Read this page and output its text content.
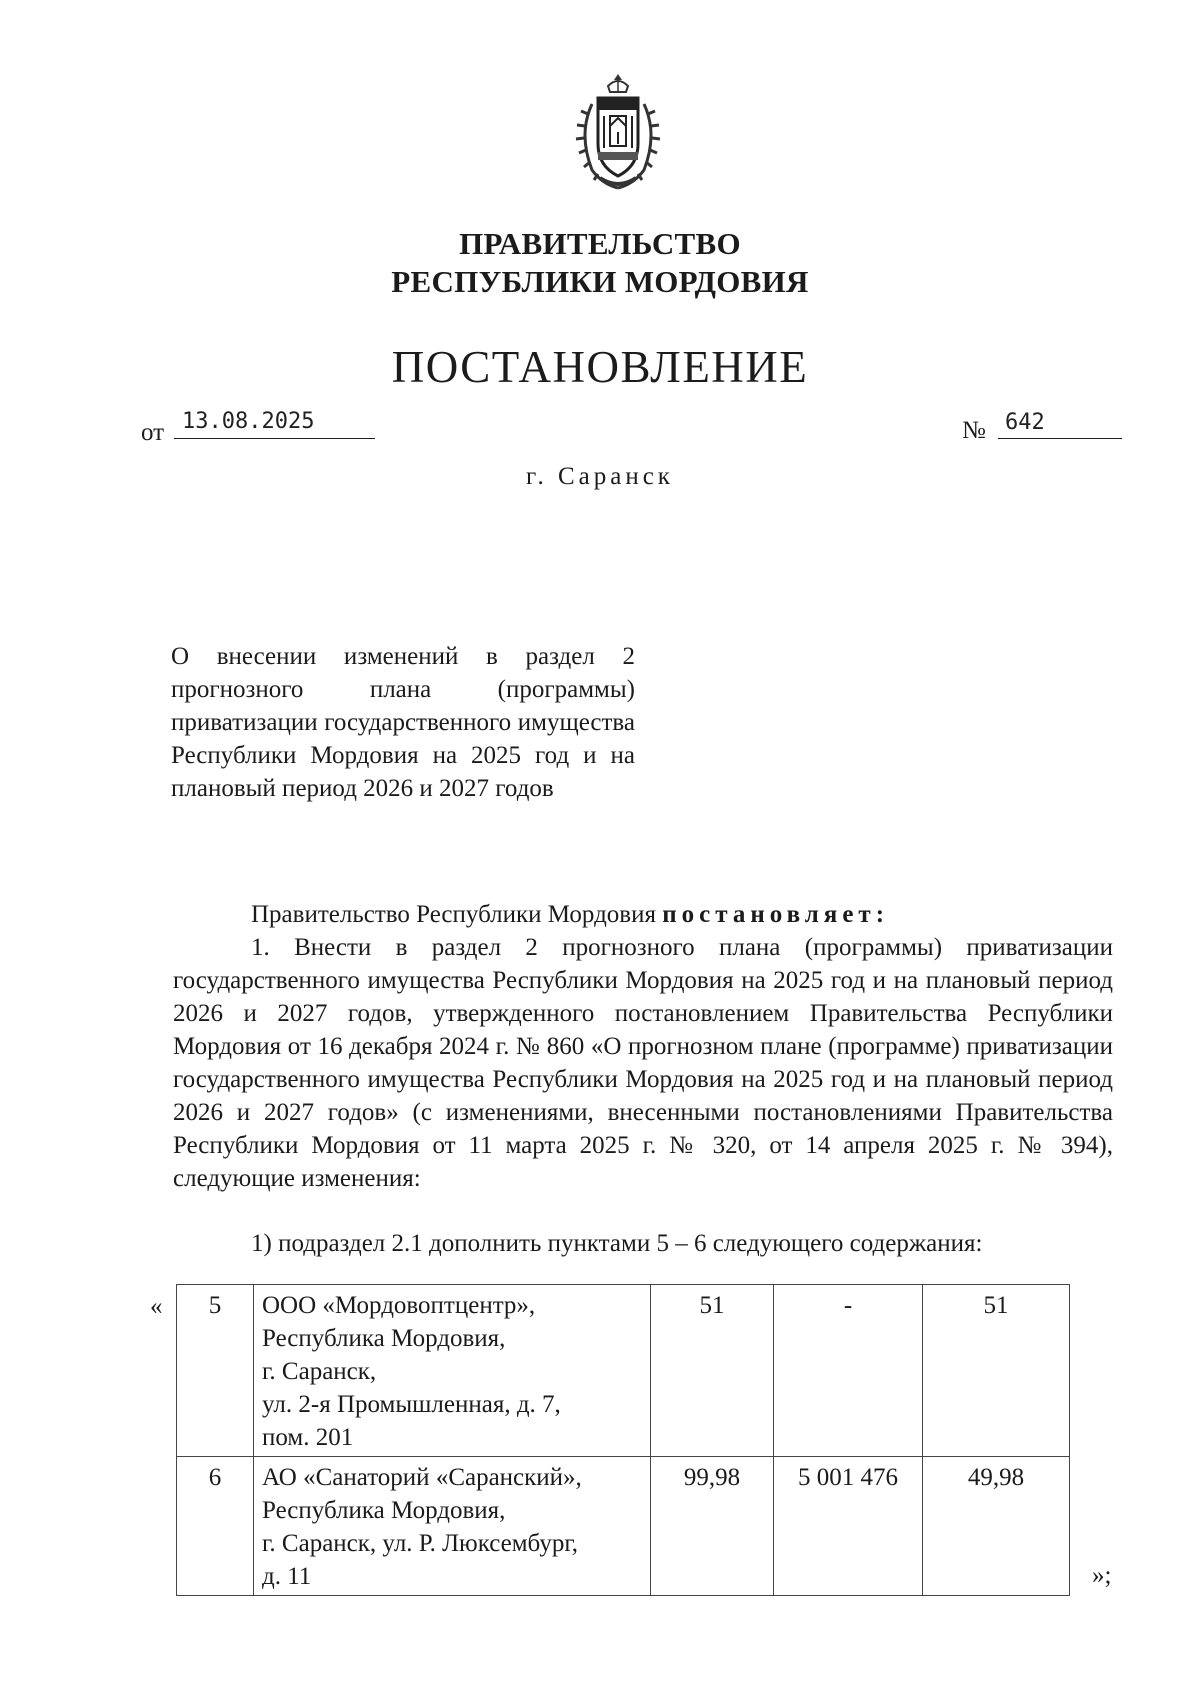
ПРАВИТЕЛЬСТВО
РЕСПУБЛИКИ МОРДОВИЯ
ПОСТАНОВЛЕНИЕ
от 13.08.2025	№ 642
г. Саранск
О внесении изменений в раздел 2 прогнозного плана (программы) приватизации государственного имущества Республики Мордовия на 2025 год и на плановый период 2026 и 2027 годов
Правительство Республики Мордовия постановляет:
1. Внести в раздел 2 прогнозного плана (программы) приватизации государственного имущества Республики Мордовия на 2025 год и на плановый период 2026 и 2027 годов, утвержденного постановлением Правительства Республики Мордовия от 16 декабря 2024 г. № 860 «О прогнозном плане (программе) приватизации государственного имущества Республики Мордовия на 2025 год и на плановый период 2026 и 2027 годов» (с изменениями, внесенными постановлениями Правительства Республики Мордовия от 11 марта 2025 г. № 320, от 14 апреля 2025 г. № 394), следующие изменения:
1) подраздел 2.1 дополнить пунктами 5 – 6 следующего содержания:
« 5	ООО «Мордовоптцентр»,
Республика Мордовия,
г. Саранск,
ул. 2-я Промышленная, д. 7,
пом. 201	51	-	51
6	АО «Санаторий «Саранский»,
Республика Мордовия,
г. Саранск, ул. Р. Люксембург,
д. 11	99,98	5 001 476	49,98
»;
